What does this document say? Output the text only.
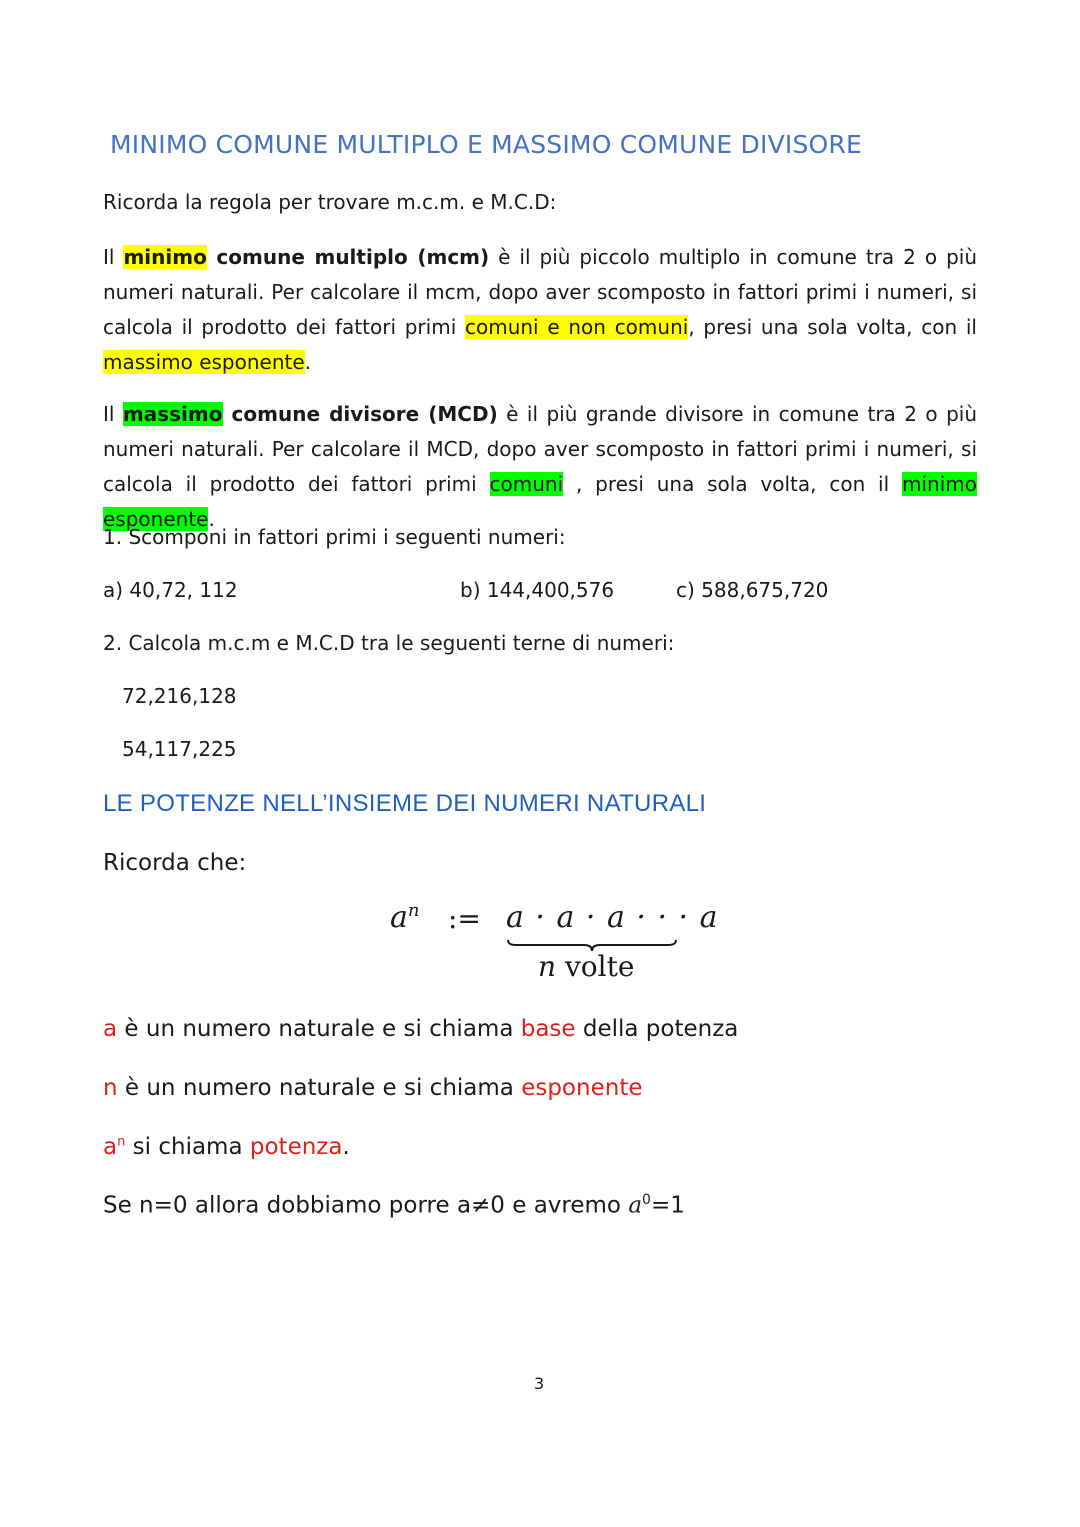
MINIMO COMUNE MULTIPLO E MASSIMO COMUNE DIVISORE
Ricorda la regola per trovare m.c.m. e M.C.D:
Il minimo comune multiplo (mcm) è il più piccolo multiplo in comune tra 2 o più numeri naturali. Per calcolare il mcm, dopo aver scomposto in fattori primi i numeri, si calcola il prodotto dei fattori primi comuni e non comuni, presi una sola volta, con il massimo esponente.
Il massimo comune divisore (MCD) è il più grande divisore in comune tra 2 o più numeri naturali. Per calcolare il MCD, dopo aver scomposto in fattori primi i numeri, si calcola il prodotto dei fattori primi comuni , presi una sola volta, con il minimo esponente.
1. Scomponi in fattori primi i seguenti numeri:
a) 40,72, 112	b) 144,400,576	c) 588,675,720
2. Calcola m.c.m e M.C.D tra le seguenti terne di numeri:
72,216,128
54,117,225
LE POTENZE NELL’INSIEME DEI NUMERI NATURALI
Ricorda che:
$a^n$ := a · a · a · · · a
n volte
a è un numero naturale e si chiama base della potenza
n è un numero naturale e si chiama esponente
$a^n$ si chiama potenza.
Se n=0 allora dobbiamo porre a≠0 e avremo $a^0=1$
3
